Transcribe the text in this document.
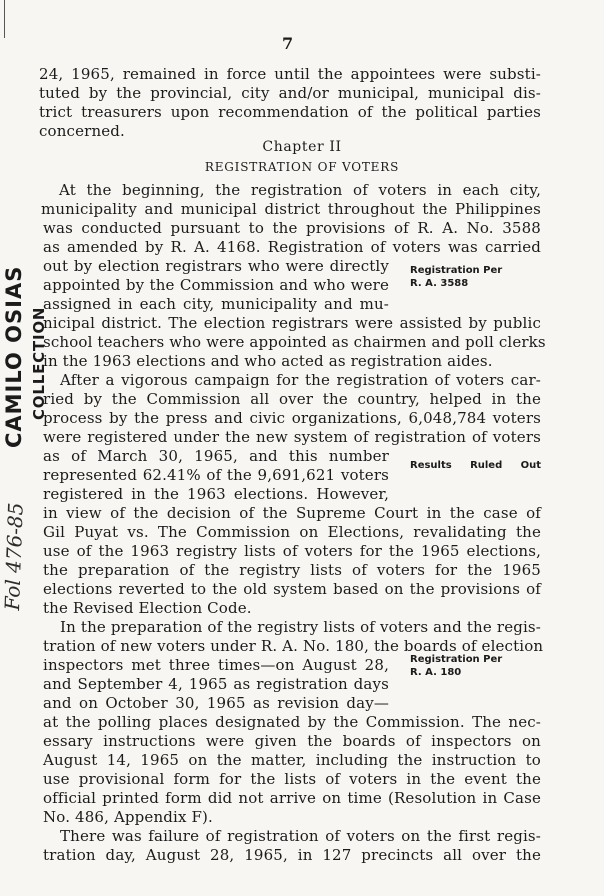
7
24, 1965, remained in force until the appointees were substi-
tuted by the provincial, city and/or municipal, municipal dis-
trict treasurers upon recommendation of the political parties
concerned.
Chapter II
REGISTRATION OF VOTERS
At the beginning, the registration of voters in each city,
municipality and municipal district throughout the Philippines
was conducted pursuant to the provisions of R. A. No. 3588
as amended by R. A. 4168. Registration of voters was carried
out by election registrars who were directly
appointed by the Commission and who were
assigned in each city, municipality and mu-
nicipal district. The election registrars were assisted by public
school teachers who were appointed as chairmen and poll clerks
in the 1963 elections and who acted as registration aides.
After a vigorous campaign for the registration of voters car-
ried by the Commission all over the country, helped in the
process by the press and civic organizations, 6,048,784 voters
were registered under the new system of registration of voters
as of March 30, 1965, and this number
represented 62.41% of the 9,691,621 voters
registered in the 1963 elections. However,
in view of the decision of the Supreme Court in the case of
Gil Puyat vs. The Commission on Elections, revalidating the
use of the 1963 registry lists of voters for the 1965 elections,
the preparation of the registry lists of voters for the 1965
elections reverted to the old system based on the provisions of
the Revised Election Code.
In the preparation of the registry lists of voters and the regis-
tration of new voters under R. A. No. 180, the boards of election
inspectors met three times—on August 28,
and September 4, 1965 as registration days
and on October 30, 1965 as revision day—
at the polling places designated by the Commission. The nec-
essary instructions were given the boards of inspectors on
August 14, 1965 on the matter, including the instruction to
use provisional form for the lists of voters in the event the
official printed form did not arrive on time (Resolution in Case
No. 486, Appendix F).
There was failure of registration of voters on the first regis-
tration day, August 28, 1965, in 127 precincts all over the
Registration Per
R. A. 3588
Results Ruled Out
Registration Per
R. A. 180
CAMILO OSIAS COLLECTION
Fol 476-85
